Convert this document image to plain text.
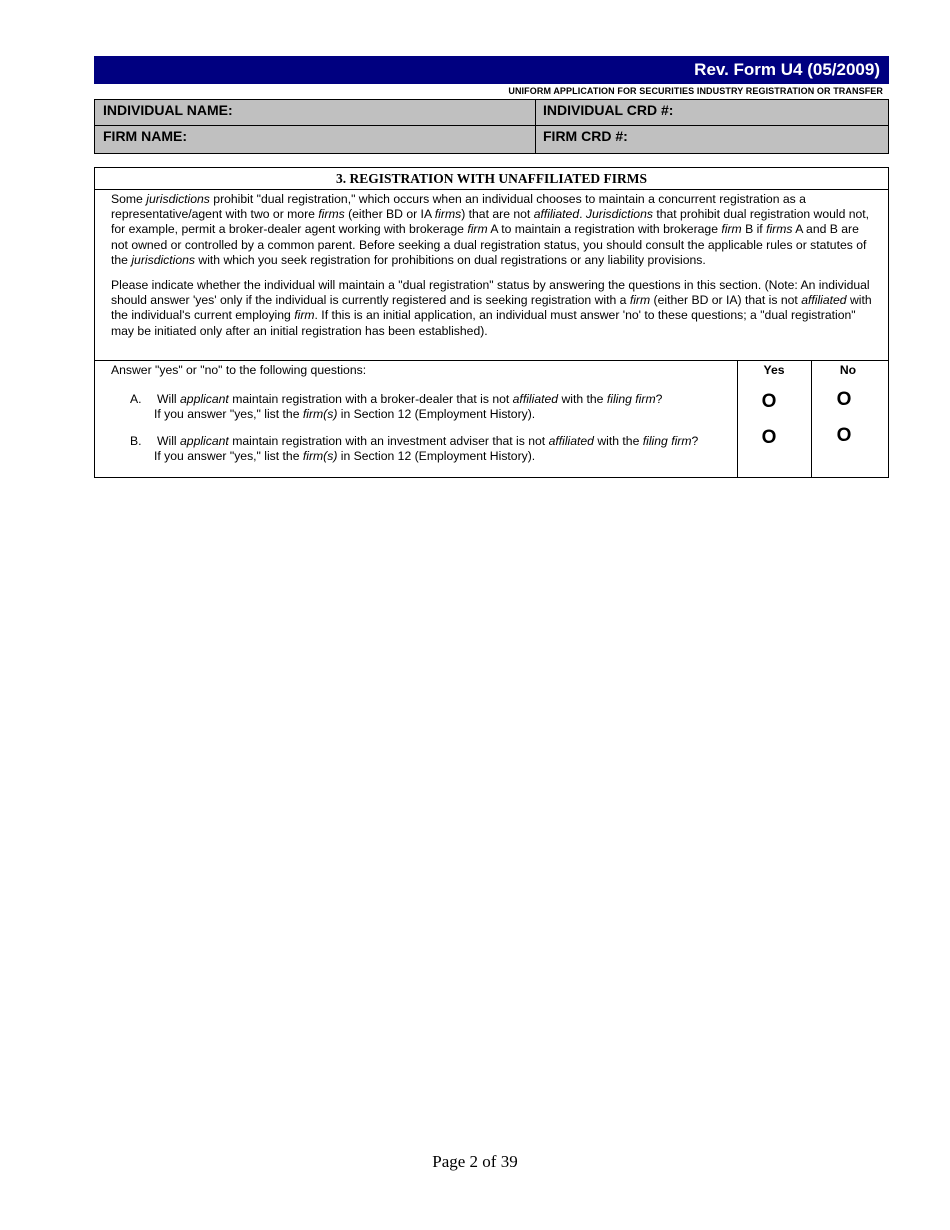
Rev. Form U4 (05/2009)
UNIFORM APPLICATION FOR SECURITIES INDUSTRY REGISTRATION OR TRANSFER
INDIVIDUAL NAME:	INDIVIDUAL CRD #:
FIRM NAME:	FIRM CRD #:
3. REGISTRATION WITH UNAFFILIATED FIRMS
Some jurisdictions prohibit "dual registration," which occurs when an individual chooses to maintain a concurrent registration as a representative/agent with two or more firms (either BD or IA firms) that are not affiliated. Jurisdictions that prohibit dual registration would not, for example, permit a broker-dealer agent working with brokerage firm A to maintain a registration with brokerage firm B if firms A and B are not owned or controlled by a common parent. Before seeking a dual registration status, you should consult the applicable rules or statutes of the jurisdictions with which you seek registration for prohibitions on dual registrations or any liability provisions.
Please indicate whether the individual will maintain a "dual registration" status by answering the questions in this section. (Note: An individual should answer 'yes' only if the individual is currently registered and is seeking registration with a firm (either BD or IA) that is not affiliated with the individual's current employing firm. If this is an initial application, an individual must answer 'no' to these questions; a "dual registration" may be initiated only after an initial registration has been established).
Answer "yes" or "no" to the following questions:	Yes	No
A. Will applicant maintain registration with a broker-dealer that is not affiliated with the filing firm?
If you answer "yes," list the firm(s) in Section 12 (Employment History).
O	O
B. Will applicant maintain registration with an investment adviser that is not affiliated with the filing firm?
If you answer "yes," list the firm(s) in Section 12 (Employment History).
O	O
Page 2 of 39
